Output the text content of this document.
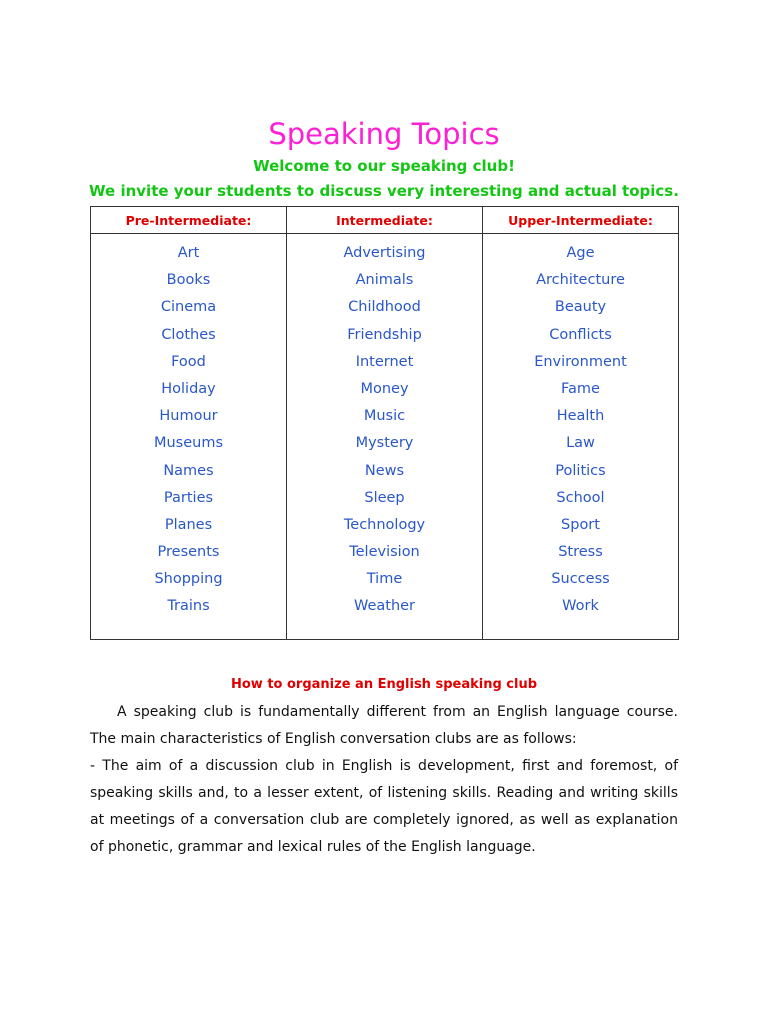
Speaking Topics
Welcome to our speaking club!
We invite your students to discuss very interesting and actual topics.
Pre-Intermediate:	Intermediate:	Upper-Intermediate:
Art
Books
Cinema
Clothes
Food
Holiday
Humour
Museums
Names
Parties
Planes
Presents
Shopping
Trains
Advertising
Animals
Childhood
Friendship
Internet
Money
Music
Mystery
News
Sleep
Technology
Television
Time
Weather
Age
Architecture
Beauty
Conflicts
Environment
Fame
Health
Law
Politics
School
Sport
Stress
Success
Work
How to organize an English speaking club
A speaking club is fundamentally different from an English language course. The main characteristics of English conversation clubs are as follows:
- The aim of a discussion club in English is development, first and foremost, of speaking skills and, to a lesser extent, of listening skills. Reading and writing skills at meetings of a conversation club are completely ignored, as well as explanation of phonetic, grammar and lexical rules of the English language.
